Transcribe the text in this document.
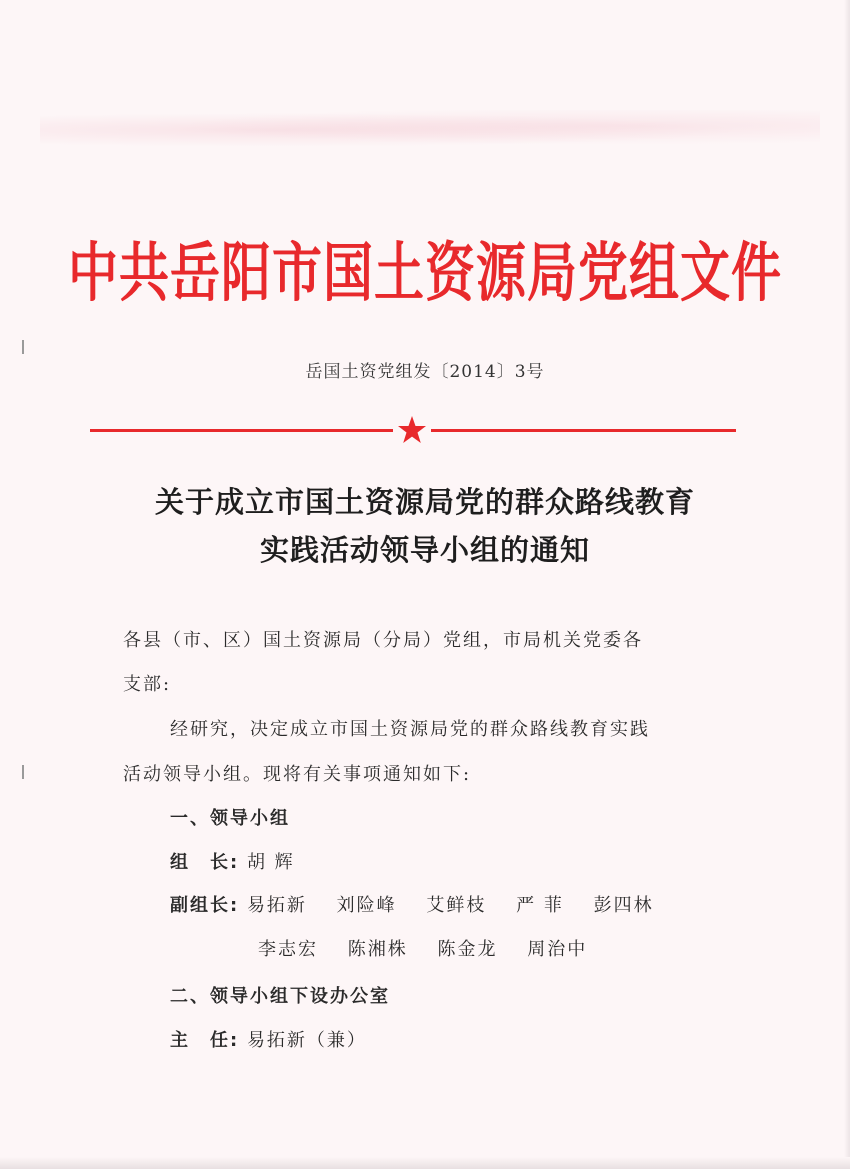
中共岳阳市国土资源局党组文件
岳国土资党组发〔2014〕3号
关于成立市国土资源局党的群众路线教育
实践活动领导小组的通知
各县（市、区）国土资源局（分局）党组，市局机关党委各
支部:
经研究，决定成立市国土资源局党的群众路线教育实践
活动领导小组。现将有关事项通知如下:
一、领导小组
组　长: 胡 辉
副组长: 易拓新 刘险峰 艾鲜枝 严 菲 彭四林
李志宏 陈湘株 陈金龙 周治中
二、领导小组下设办公室
主　任: 易拓新（兼）
